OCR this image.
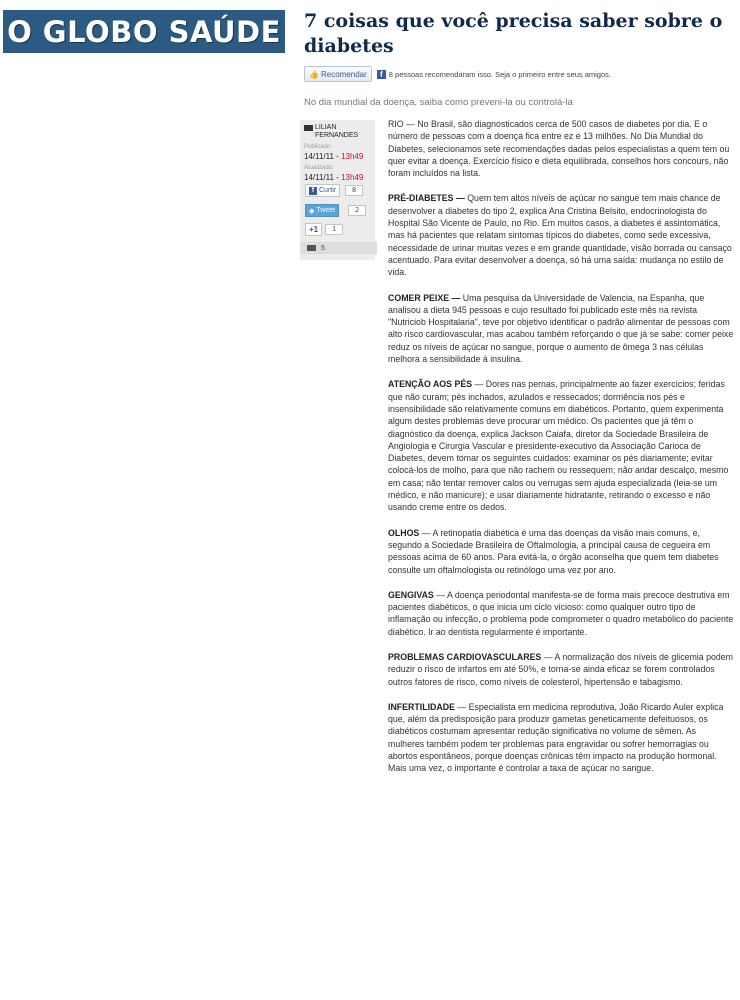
O GLOBO SAÚDE 7 coisas que você precisa saber sobre o diabetes
👍 Recomendar	f 8 pessoas recomendaram isso. Seja o primeiro entre seus amigos.

No dia mundial da doença, saiba como preveni-la ou controlá-la

LILIAN FERNANDES
Publicado:
14/11/11 - 13h49
Atualizado:
14/11/11 - 13h49
f Curtir	8
◆ Tweet	2
+1	1
5

RIO — No Brasil, são diagnosticados cerca de 500 casos de diabetes por dia. E o número de pessoas com a doença fica entre ez e 13 milhões. No Dia Mundial do Diabetes, selecionamos sete recomendações dadas pelos especialistas a quem tem ou quer evitar a doença. Exercício físico e dieta equilibrada, conselhos hors concours, não foram incluídos na lista.

PRÉ-DIABETES — Quem tem altos níveis de açúcar no sangue tem mais chance de desenvolver a diabetes do tipo 2, explica Ana Cristina Belsito, endocrinologista do Hospital São Vicente de Paulo, no Rio. Em muitos casos, a diabetes é assintomática, mas há pacientes que relatam sintomas típicos do diabetes, como sede excessiva, necessidade de urinar muitas vezes e em grande quantidade, visão borrada ou cansaço acentuado. Para evitar desenvolver a doença, só há uma saída: mudança no estilo de vida.

COMER PEIXE — Uma pesquisa da Universidade de Valencia, na Espanha, que analisou a dieta 945 pessoas e cujo resultado foi publicado este mês na revista "Nutriciob Hospitalaria", teve por objetivo identificar o padrão alimentar de pessoas com alto risco cardiovascular, mas acabou também reforçando o que já se sabe: comer peixe reduz os níveis de açúcar no sangue, porque o aumento de ômega 3 nas células melhora a sensibilidade à insulina.

ATENÇÃO AOS PÉS — Dores nas pernas, principalmente ao fazer exercícios; feridas que não curam; pés inchados, azulados e ressecados; dormência nos pés e insensibilidade são relativamente comuns em diabéticos. Portanto, quem experimenta algum destes problemas deve procurar um médico. Os pacientes que já têm o diagnóstico da doença, explica Jackson Caiafa, diretor da Sociedade Brasileira de Angiologia e Cirurgia Vascular e presidente-executivo da Associação Carioca de Diabetes, devem tomar os seguintes cuidados: examinar os pés diariamente; evitar colocá-los de molho, para que não rachem ou ressequem; não andar descalço, mesmo em casa; não tentar remover calos ou verrugas sem ajuda especializada (leia-se um médico, e não manicure); e usar diariamente hidratante, retirando o excesso e não usando creme entre os dedos.

OLHOS — A retinopatia diabética é uma das doenças da visão mais comuns, e, segundo a Sociedade Brasileira de Oftalmologia, a principal causa de cegueira em pessoas acima de 60 anos. Para evitá-la, o órgão aconselha que quem tem diabetes consulte um oftalmologista ou retinólogo uma vez por ano.

GENGIVAS — A doença periodontal manifesta-se de forma mais precoce destrutiva em pacientes diabéticos, o que inicia um ciclo vicioso: como qualquer outro tipo de inflamação ou infecção, o problema pode comprometer o quadro metabólico do paciente diabético. Ir ao dentista regularmente é importante.

PROBLEMAS CARDIOVASCULARES — A normalização dos níveis de glicemia podem reduzir o risco de infartos em até 50%, e torna-se ainda eficaz se forem controlados outros fatores de risco, como níveis de colesterol, hipertensão e tabagismo.

INFERTILIDADE — Especialista em medicina reprodutiva, João Ricardo Auler explica que, além da predisposição para produzir gametas geneticamente defeituosos, os diabéticos costumam apresentar redução significativa no volume de sêmen. As mulheres também podem ter problemas para engravidar ou sofrer hemorragias ou abortos espontâneos, porque doenças crônicas têm impacto na produção hormonal. Mais uma vez, o importante é controlar a taxa de açúcar no sangue.
